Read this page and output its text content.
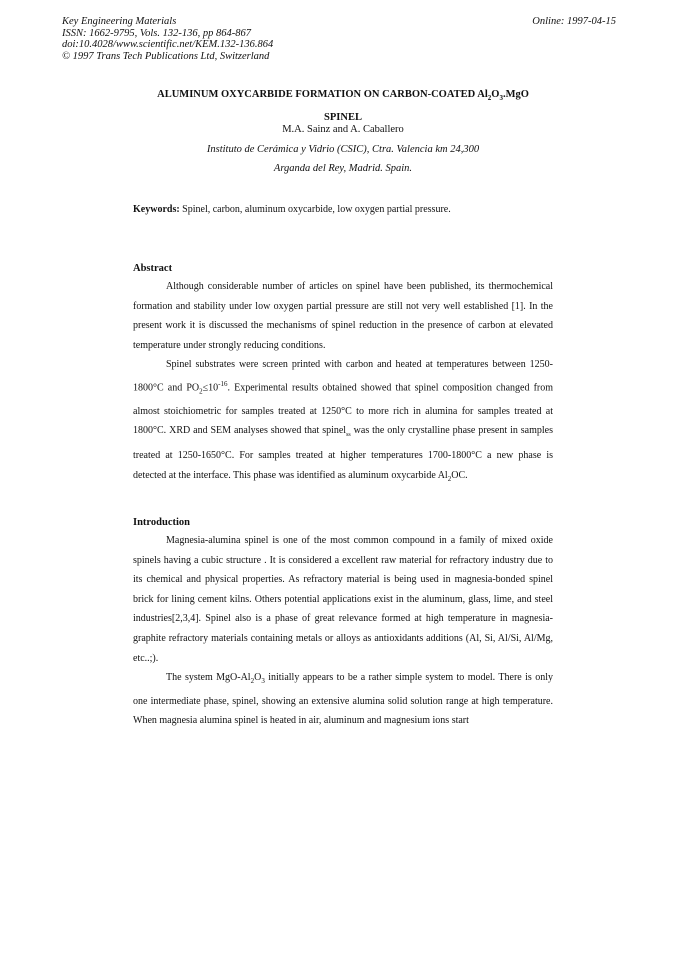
Key Engineering Materials
ISSN: 1662-9795, Vols. 132-136, pp 864-867
doi:10.4028/www.scientific.net/KEM.132-136.864
© 1997 Trans Tech Publications Ltd, Switzerland
Online: 1997-04-15
ALUMINUM OXYCARBIDE FORMATION ON CARBON-COATED $Al_2O_3.MgO$
SPINEL
M.A. Sainz and A. Caballero
Instituto de Cerámica y Vidrio (CSIC), Ctra. Valencia km 24,300
Arganda del Rey, Madrid. Spain.
Keywords: Spinel, carbon, aluminum oxycarbide, low oxygen partial pressure.
Abstract

Although considerable number of articles on spinel have been published, its thermochemical formation and stability under low oxygen partial pressure are still not very well established [1]. In the present work it is discussed the mechanisms of spinel reduction in the presence of carbon at elevated temperature under strongly reducing conditions.

Spinel substrates were screen printed with carbon and heated at temperatures between 1250-1800°C and $PO_2\le 10^{-16}$. Experimental results obtained showed that spinel composition changed from almost stoichiometric for samples treated at 1250°C to more rich in alumina for samples treated at 1800°C. XRD and SEM analyses showed that spinel$_{ss}$ was the only crystalline phase present in samples treated at 1250-1650°C. For samples treated at higher temperatures 1700-1800°C a new phase is detected at the interface. This phase was identified as aluminum oxycarbide $Al_2OC$.

Introduction

Magnesia-alumina spinel is one of the most common compound in a family of mixed oxide spinels having a cubic structure . It is considered a excellent raw material for refractory industry due to its chemical and physical properties. As refractory material is being used in magnesia-bonded spinel brick for lining cement kilns. Others potential applications exist in the aluminum, glass, lime, and steel industries[2,3,4]. Spinel also is a phase of great relevance formed at high temperature in magnesia-graphite refractory materials containing metals or alloys as antioxidants additions (Al, Si, Al/Si, Al/Mg, etc..;).

The system MgO-$Al_2O_3$ initially appears to be a rather simple system to model. There is only one intermediate phase, spinel, showing an extensive alumina solid solution range at high temperature. When magnesia alumina spinel is heated in air, aluminum and magnesium ions start
